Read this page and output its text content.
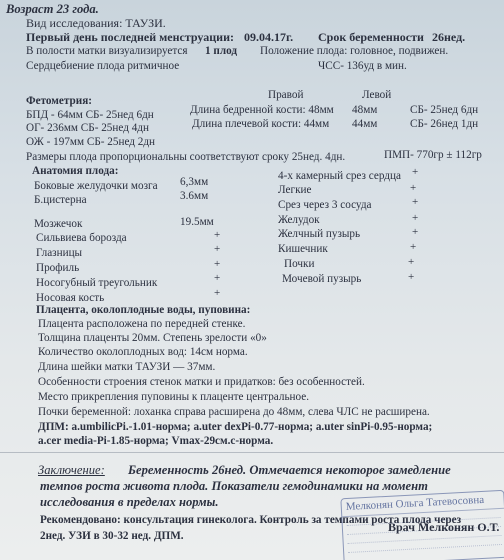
Возраст 23 года.
Вид исследования: ТАУЗИ.
Первый день последней менструации: 09.04.17г. Срок беременности 26нед.
В полости матки визуализируется 1 плод Положение плода: головное, подвижен.
Сердцебиение плода ритмичное	ЧСС- 136уд в мин.
Правой	Левой
Фетометрия:
БПД - 64мм СБ- 25нед 6дн	Длина бедренной кости: 48мм 48мм	СБ- 25нед 6дн
ОГ- 236мм СБ- 25нед 4дн	Длина плечевой кости: 44мм 44мм	СБ- 26нед 1дн
ОЖ - 197мм СБ- 25нед 2дн
Размеры плода пропорциональны соответствуют сроку 25нед. 4дн.	ПМП- 770гр ± 112гр
Анатомия плода:
Боковые желудочки мозга 6,3мм
Б.цистерна	3.6мм
Мозжечок	19.5мм
Сильвиева борозда	+
Глазницы	+
Профиль	+
Носогубный треугольник	+
Носовая кость	+
4-х камерный срез сердца +
Легкие	+
Срез через 3 сосуда	+
Желудок	+
Желчный пузырь	+
Кишечник	+
Почки	+
Мочевой пузырь	+
Плацента, околоплодные воды, пуповина:
Плацента расположена по передней стенке.
Толщина плаценты 20мм. Степень зрелости «0»
Количество околоплодных вод: 14см норма.
Длина шейки матки ТАУЗИ — 37мм.
Особенности строения стенок матки и придатков: без особенностей.
Место прикрепления пуповины к плаценте центральное.
Почки беременной: лоханка справа расширена до 48мм, слева ЧЛС не расширена.
ДПМ: a.umbilicPi.-1.01-норма; a.uter dexPi-0.77-норма; a.uter sinPi-0.95-норма;
a.cer media-Pi-1.85-норма; Vmax-29см.с-норма.
Заключение: Беременность 26нед. Отмечается некоторое замедление
темпов роста живота плода. Показатели гемодинамики на момент
исследования в пределах нормы.
Рекомендовано: консультация гинеколога. Контроль за темпами роста плода через
2нед. УЗИ в 30-32 нед. ДПМ.
Мелконян Ольга Татевосовна
Врач Мелконян О.Т.
